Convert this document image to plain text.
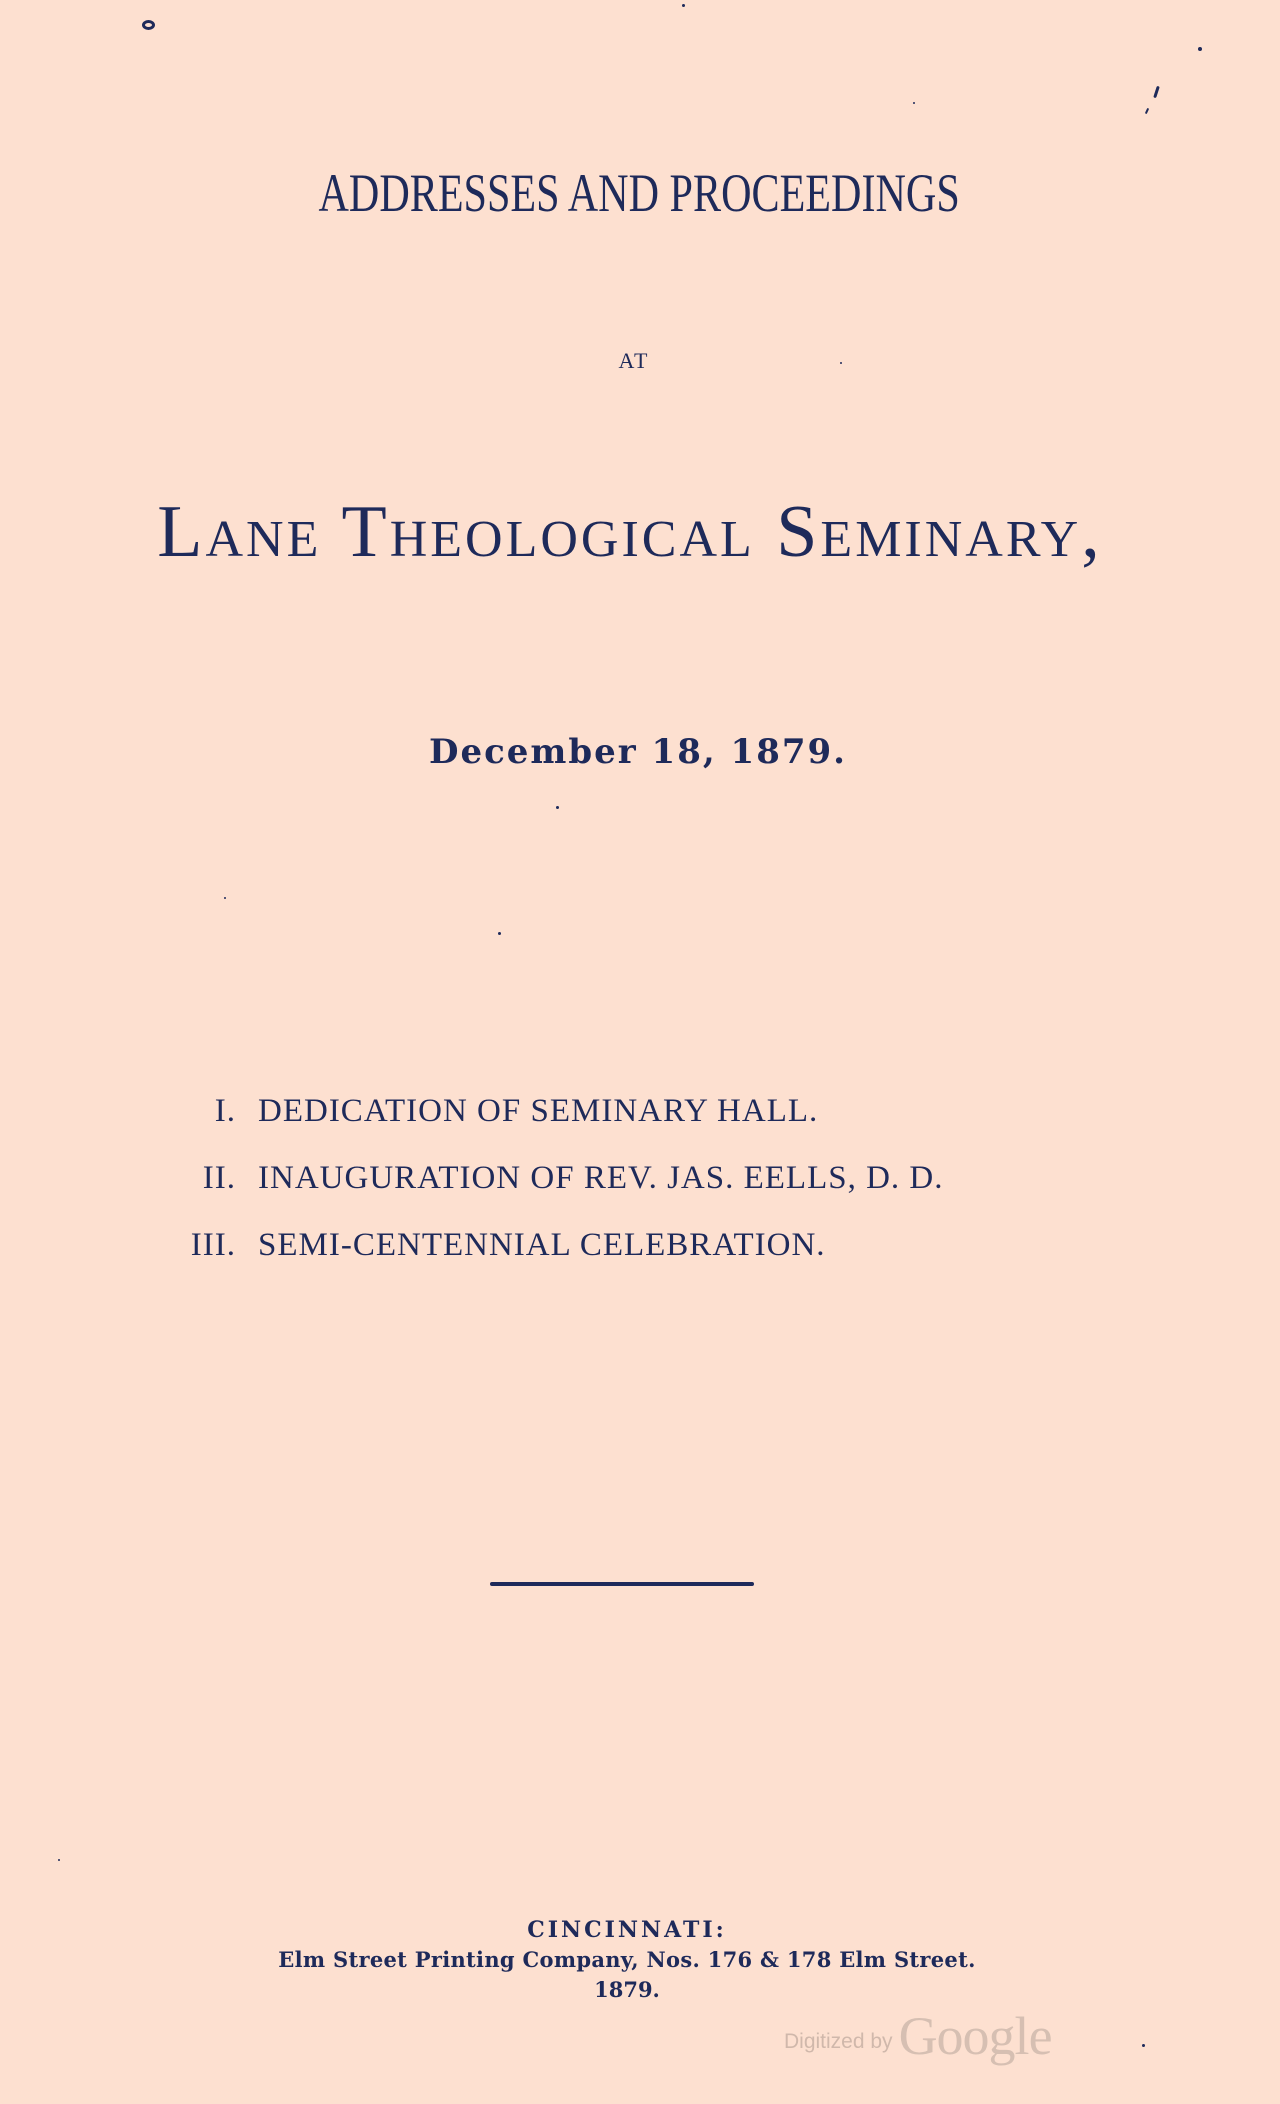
ADDRESSES AND PROCEEDINGS
AT
Lane Theological Seminary,
December 18, 1879.
I. DEDICATION OF SEMINARY HALL.
II. INAUGURATION OF REV. JAS. EELLS, D. D.
III. SEMI-CENTENNIAL CELEBRATION.
CINCINNATI:
Elm Street Printing Company, Nos. 176 & 178 Elm Street.
1879.
Digitized by Google
